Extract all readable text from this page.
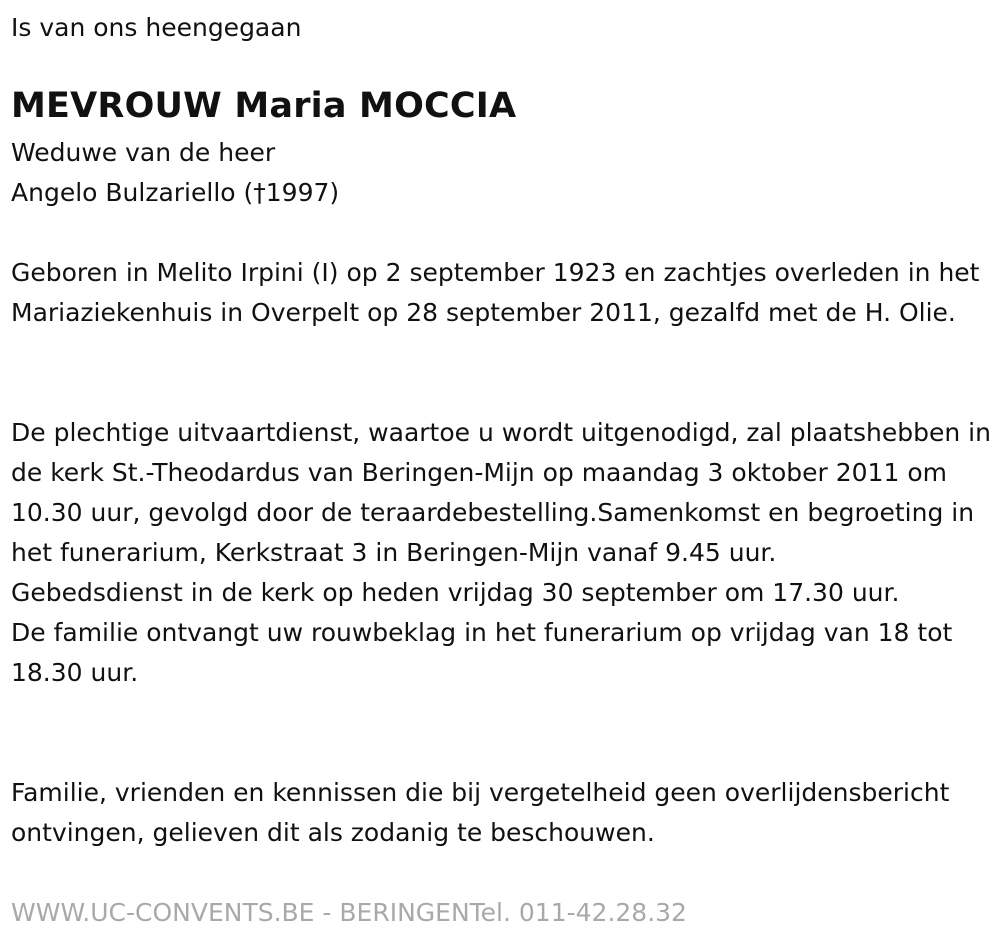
Is van ons heengegaan
MEVROUW Maria MOCCIA

Weduwe van de heer

Angelo Bulzariello (†1997)

Geboren in Melito Irpini (I) op 2 september 1923 en zachtjes overleden in het Mariaziekenhuis in Overpelt op 28 september 2011, gezalfd met de H. Olie.

De plechtige uitvaartdienst, waartoe u wordt uitgenodigd, zal plaatshebben in de kerk St.-Theodardus van Beringen-Mijn op maandag 3 oktober 2011 om 10.30 uur, gevolgd door de teraardebestelling.Samenkomst en begroeting in het funerarium, Kerkstraat 3 in Beringen-Mijn vanaf 9.45 uur.

Gebedsdienst in de kerk op heden vrijdag 30 september om 17.30 uur.

De familie ontvangt uw rouwbeklag in het funerarium op vrijdag van 18 tot 18.30 uur.

Familie, vrienden en kennissen die bij vergetelheid geen overlijdensbericht ontvingen, gelieven dit als zodanig te beschouwen.

WWW.UC-CONVENTS.BE - BERINGENTel. 011-42.28.32
